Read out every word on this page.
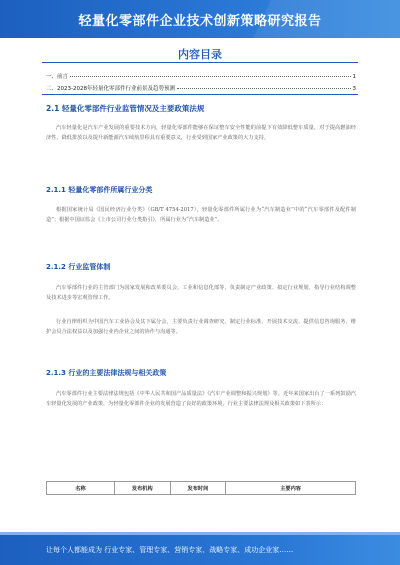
轻量化零部件企业技术创新策略研究报告
内容目录
一、前言	1
二、2023-2028年轻量化零部件行业前景及趋势预测	3
2.1 轻量化零部件行业监管情况及主要政策法规
汽车轻量化是汽车产业发展的重要技术方向，轻量化零部件能够在保证整车安全性能的前提下有效降低整车质量，对于提高燃油经济性、降低排放以及提升新能源汽车续航里程具有重要意义，行业受到国家产业政策的大力支持。
2.1.1 轻量化零部件所属行业分类
根据国家统计局《国民经济行业分类》（GB/T 4754-2017），轻量化零部件所属行业为“汽车制造业”中的“汽车零部件及配件制造”；根据中国证监会《上市公司行业分类指引》，所属行业为“汽车制造业”。
2.1.2 行业监管体制
汽车零部件行业的主管部门为国家发展和改革委员会、工业和信息化部等，负责制定产业政策、拟定行业规划、指导行业结构调整及技术进步等宏观管理工作。
行业自律组织为中国汽车工业协会及其下属分会，主要负责行业调查研究、制定行业标准、开展技术交流、提供信息咨询服务、维护会员合法权益以及加强行业内企业之间的协作与沟通等。
2.1.3 行业的主要法律法规与相关政策
汽车零部件行业主要法律法规包括《中华人民共和国产品质量法》《汽车产业调整和振兴规划》等。近年来国家出台了一系列鼓励汽车轻量化发展的产业政策，为轻量化零部件企业的发展营造了良好的政策环境，行业主要法律法规及相关政策如下表所示：
名称	发布机构	发布时间	主要内容
让每个人都能成为 行业专家、管理专家、营销专家、战略专家、成功企业家……
